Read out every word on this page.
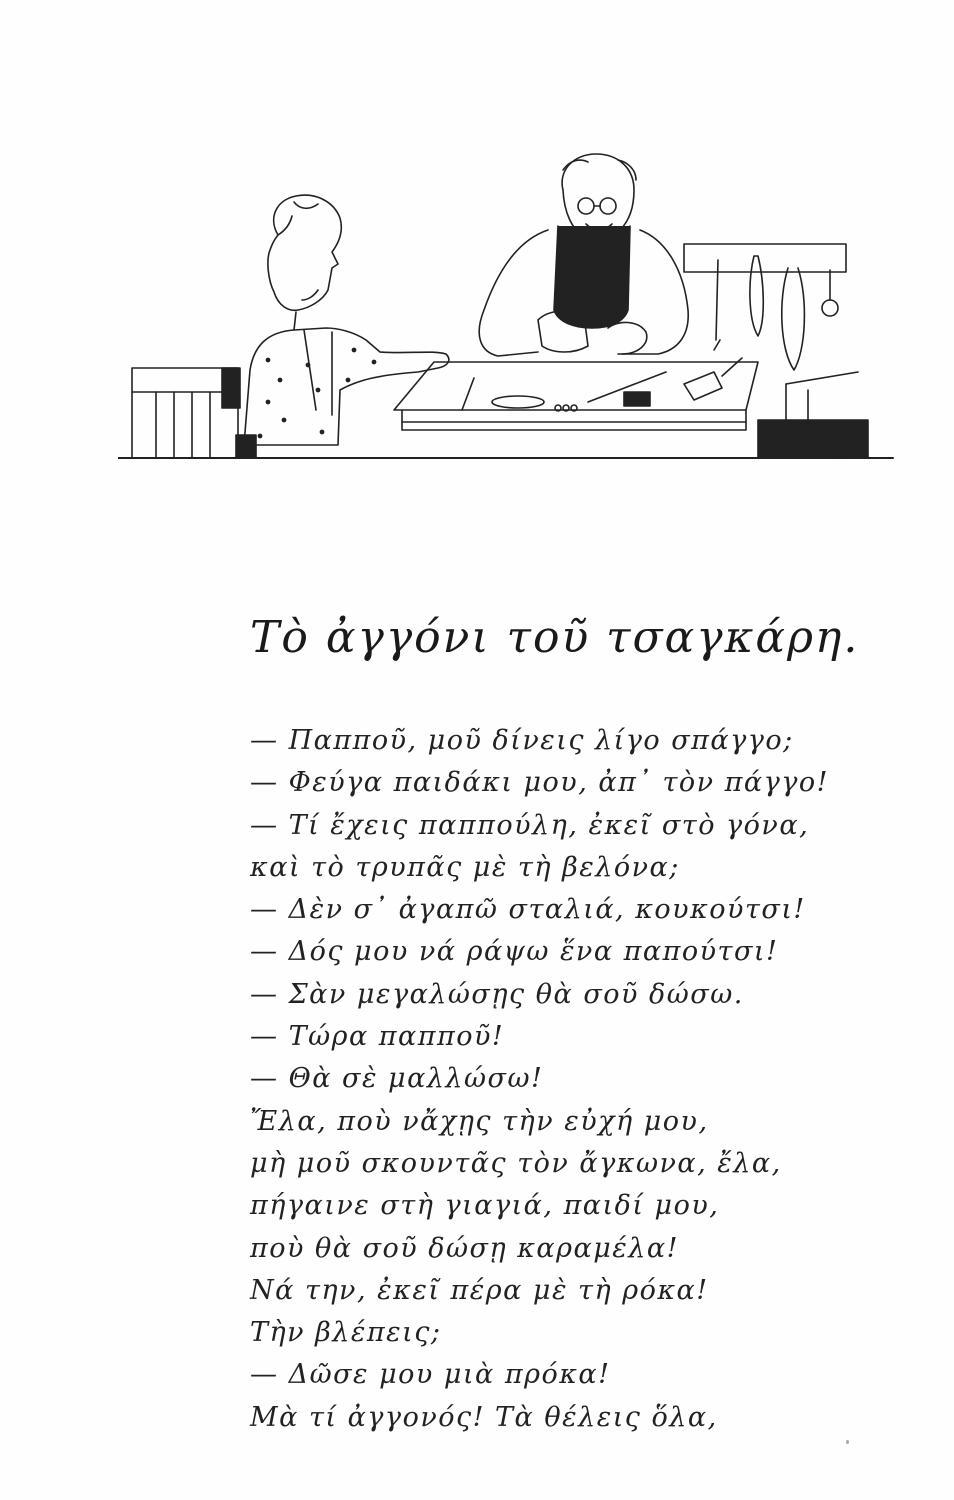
Τὸ ἀγγόνι τοῦ τσαγκάρη.
— Παπποῦ, μοῦ δίνεις λίγο σπάγγο;
— Φεύγα παιδάκι μου, ἀπ᾽ τὸν πάγγο!
— Τί ἔχεις παππούλη, ἐκεῖ στὸ γόνα,
καὶ τὸ τρυπᾶς μὲ τὴ βελόνα;
— Δὲν σ᾽ ἀγαπῶ σταλιά, κουκούτσι!
— Δός μου νά ράψω ἕνα παπούτσι!
— Σὰν μεγαλώσῃς θὰ σοῦ δώσω.
— Τώρα παπποῦ!
— Θὰ σὲ μαλλώσω!
Ἔλα, ποὺ νἄχῃς τὴν εὐχή μου,
μὴ μοῦ σκουντᾶς τὸν ἄγκωνα, ἔλα,
πήγαινε στὴ γιαγιά, παιδί μου,
ποὺ θὰ σοῦ δώσῃ καραμέλα!
Νά την, ἐκεῖ πέρα μὲ τὴ ρόκα!
Τὴν βλέπεις;
— Δῶσε μου μιὰ πρόκα!
Μὰ τί ἀγγονός! Τὰ θέλεις ὅλα,
